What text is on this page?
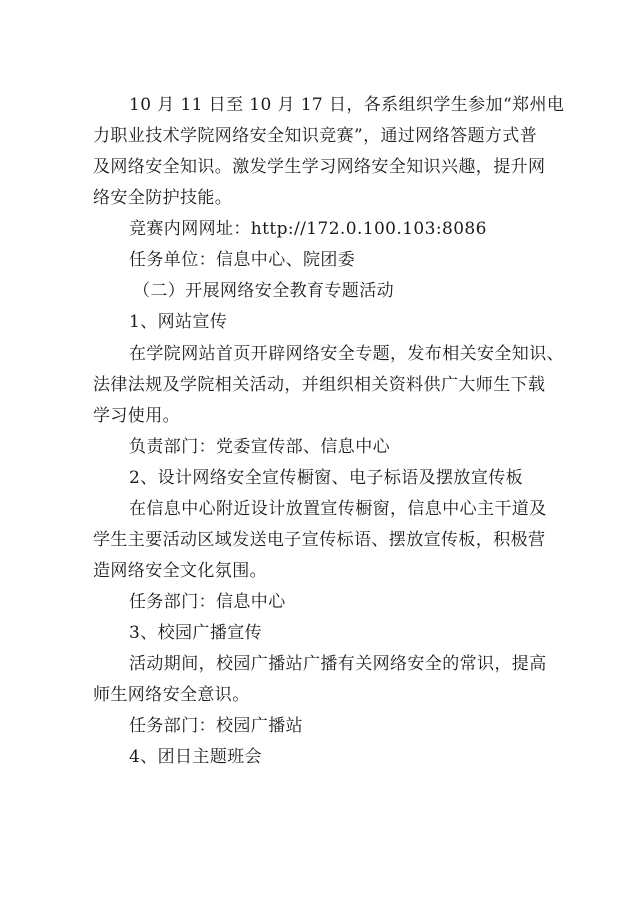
10 月 11 日至 10 月 17 日，各系组织学生参加“郑州电
力职业技术学院网络安全知识竞赛”，通过网络答题方式普
及网络安全知识。激发学生学习网络安全知识兴趣，提升网
络安全防护技能。
竞赛内网网址：http://172.0.100.103:8086
任务单位：信息中心、院团委
（二）开展网络安全教育专题活动
1、网站宣传
在学院网站首页开辟网络安全专题，发布相关安全知识、
法律法规及学院相关活动，并组织相关资料供广大师生下载
学习使用。
负责部门：党委宣传部、信息中心
2、设计网络安全宣传橱窗、电子标语及摆放宣传板
在信息中心附近设计放置宣传橱窗，信息中心主干道及
学生主要活动区域发送电子宣传标语、摆放宣传板，积极营
造网络安全文化氛围。
任务部门：信息中心
3、校园广播宣传
活动期间，校园广播站广播有关网络安全的常识，提高
师生网络安全意识。
任务部门：校园广播站
4、团日主题班会
